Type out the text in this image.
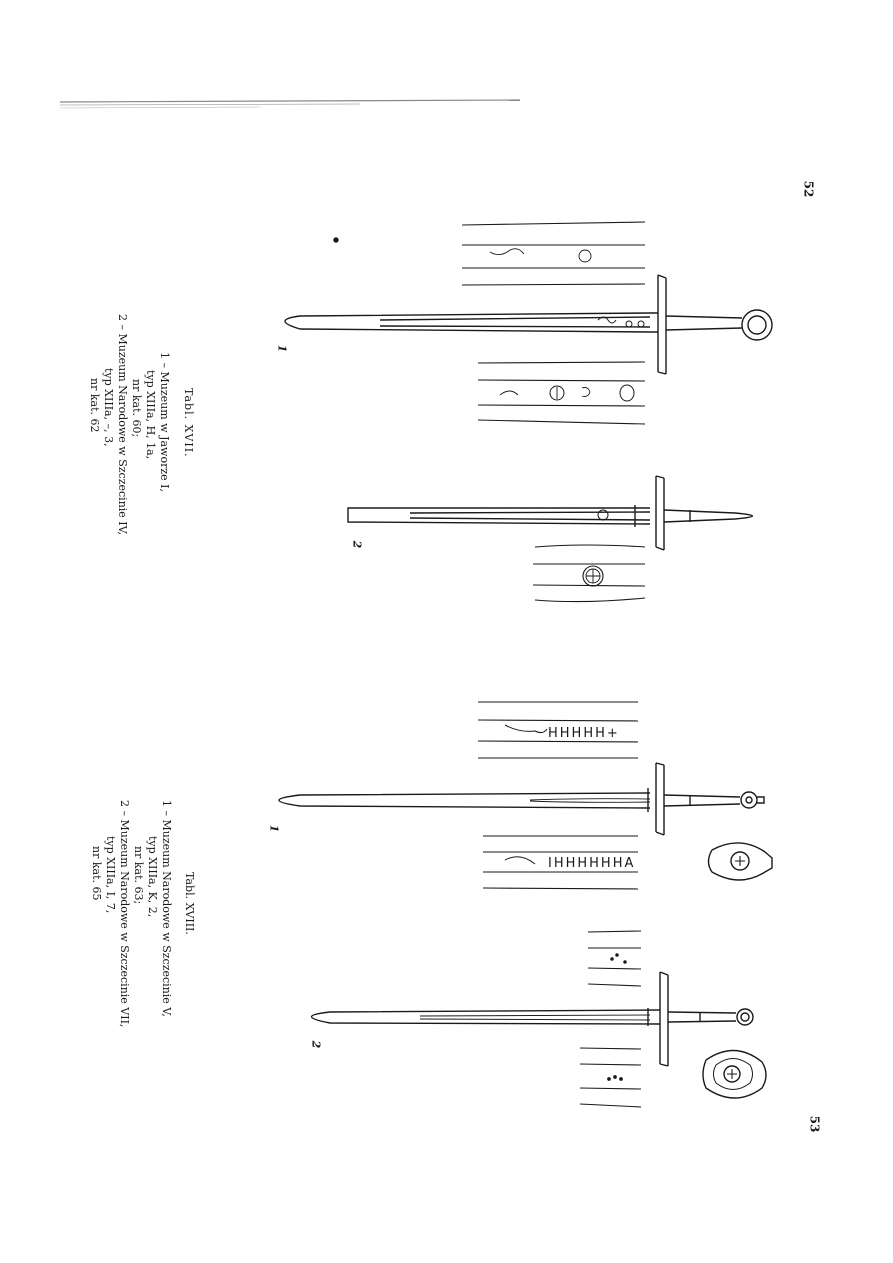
52
53
Tabl. XVII.
1 – Muzeum w Jaworze I,
typ XIIIa, H, 1a,
nr kat. 60;
2 – Muzeum Narodowe w Szczecinie IV,
typ XIIIa, –, 3,
nr kat. 62
Tabl. XVIII.
1 – Muzeum Narodowe w Szczecinie V,
typ XIIIa, K, 2,
nr kat. 63;
2 – Muzeum Narodowe w Szczecinie VII,
typ XIIIa, I, 7,
nr kat. 65
1
2
1
2
HHHHH+
IHHHHHHA
